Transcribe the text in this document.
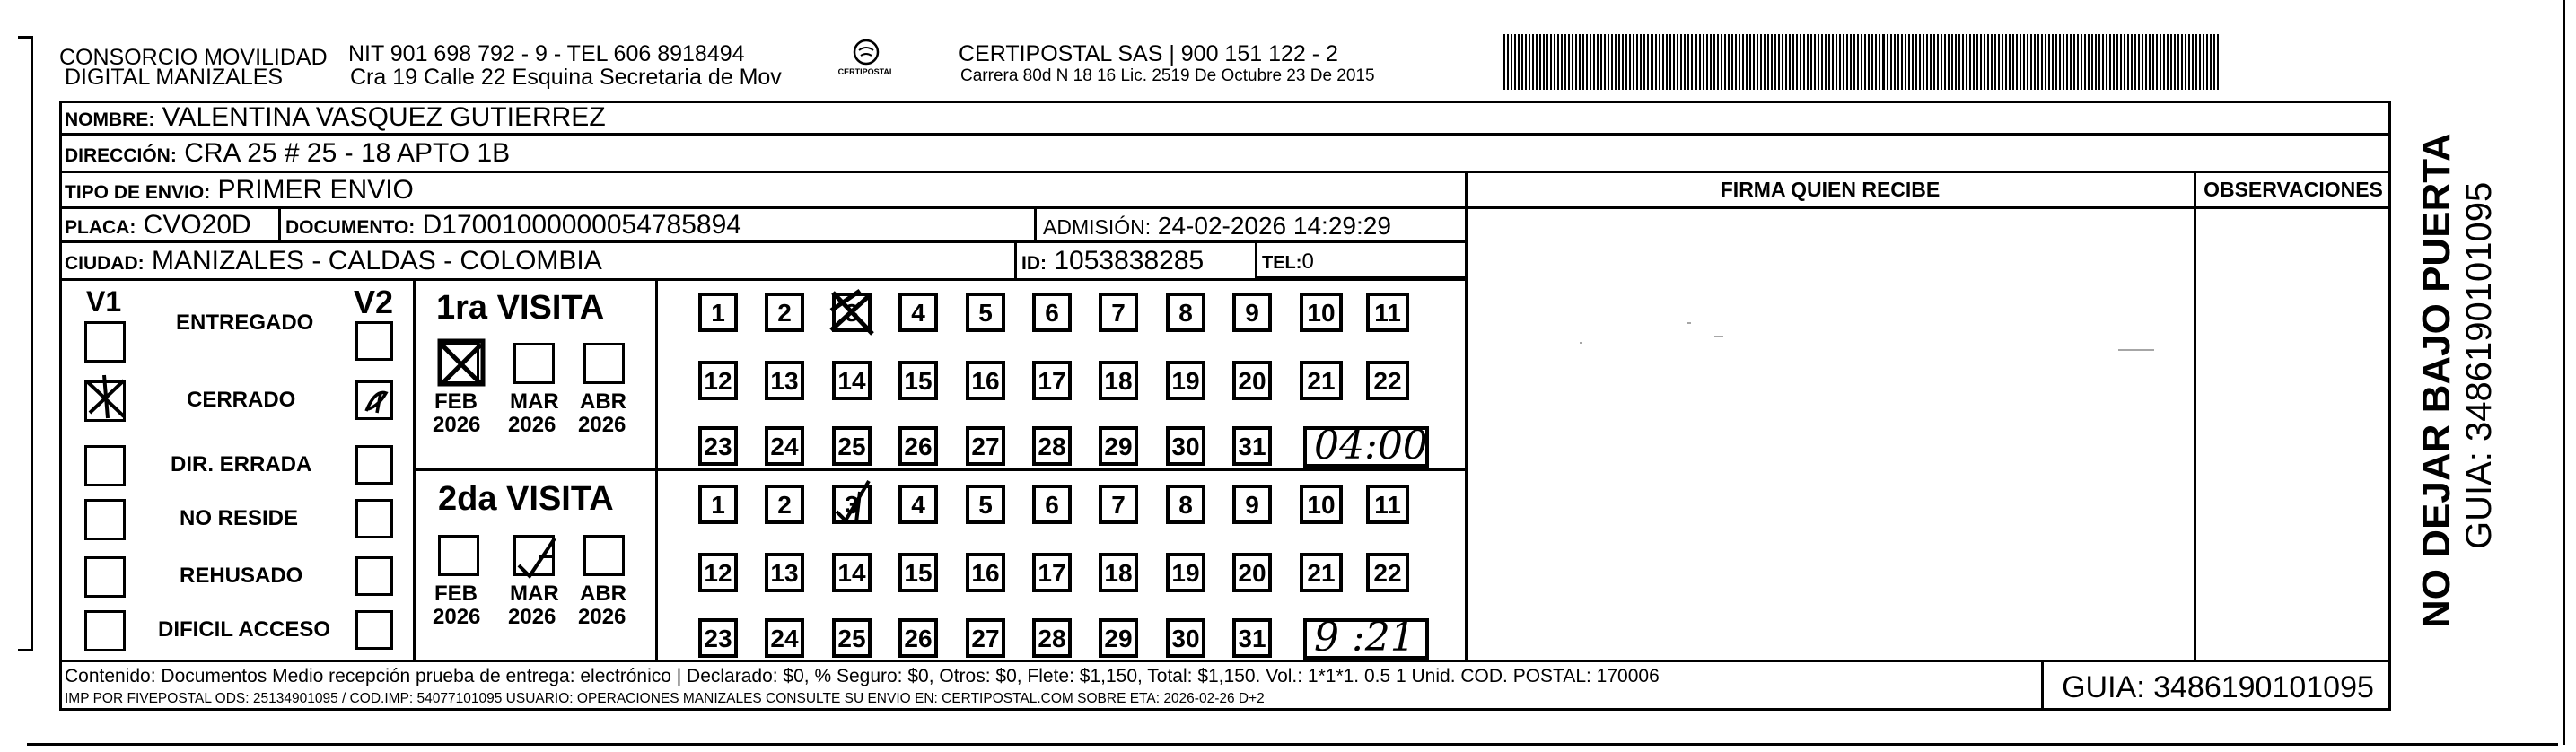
CONSORCIO MOVILIDAD
DIGITAL MANIZALES
NIT 901 698 792 - 9 - TEL 606 8918494
Cra 19 Calle 22 Esquina Secretaria de Mov	CERTIPOSTAL
CERTIPOSTAL SAS | 900 151 122 - 2
Carrera 80d N 18 16 Lic. 2519 De Octubre 23 De 2015
NOMBRE: VALENTINA VASQUEZ GUTIERREZ
DIRECCIÓN: CRA 25 # 25 - 18 APTO 1B
TIPO DE ENVIO: PRIMER ENVIO
PLACA: CVO20D DOCUMENTO: D17001000000054785894	ADMISIÓN: 24-02-2026 14:29:29
CIUDAD: MANIZALES - CALDAS - COLOMBIA	ID: 1053838285	TEL:0
FIRMA QUIEN RECIBE	OBSERVACIONES
V1	V2
ENTREGADO
CERRADO
DIR. ERRADA
NO RESIDE
REHUSADO
DIFICIL ACCESO
1ra VISITA
2da VISITA
1	2	3	4	5	6	7	8	9	10	11
12 13 14 15 16 17 18 19 20	21	22
23 24 25 26 27 28 29 30 31 04:00
FEB
2026
MAR
2026
ABR
2026
1	2	3	4	5	6	7	8	9	10	11
12 13 14 15 16 17 18 19 20	21	22
23 24 25 26 27 28 29 30 31 9 :21
FEB
2026
MAR
2026
ABR
2026
Contenido: Documentos Medio recepción prueba de entrega: electrónico | Declarado: $0, % Seguro: $0, Otros: $0, Flete: $1,150, Total: $1,150. Vol.: 1*1*1. 0.5 1 Unid. COD. POSTAL: 170006
IMP POR FIVEPOSTAL ODS: 25134901095 / COD.IMP: 54077101095 USUARIO: OPERACIONES MANIZALES CONSULTE SU ENVIO EN: CERTIPOSTAL.COM SOBRE ETA: 2026-02-26 D+2	GUIA: 3486190101095
NO DEJAR BAJO PUERTA GUIA: 3486190101095
